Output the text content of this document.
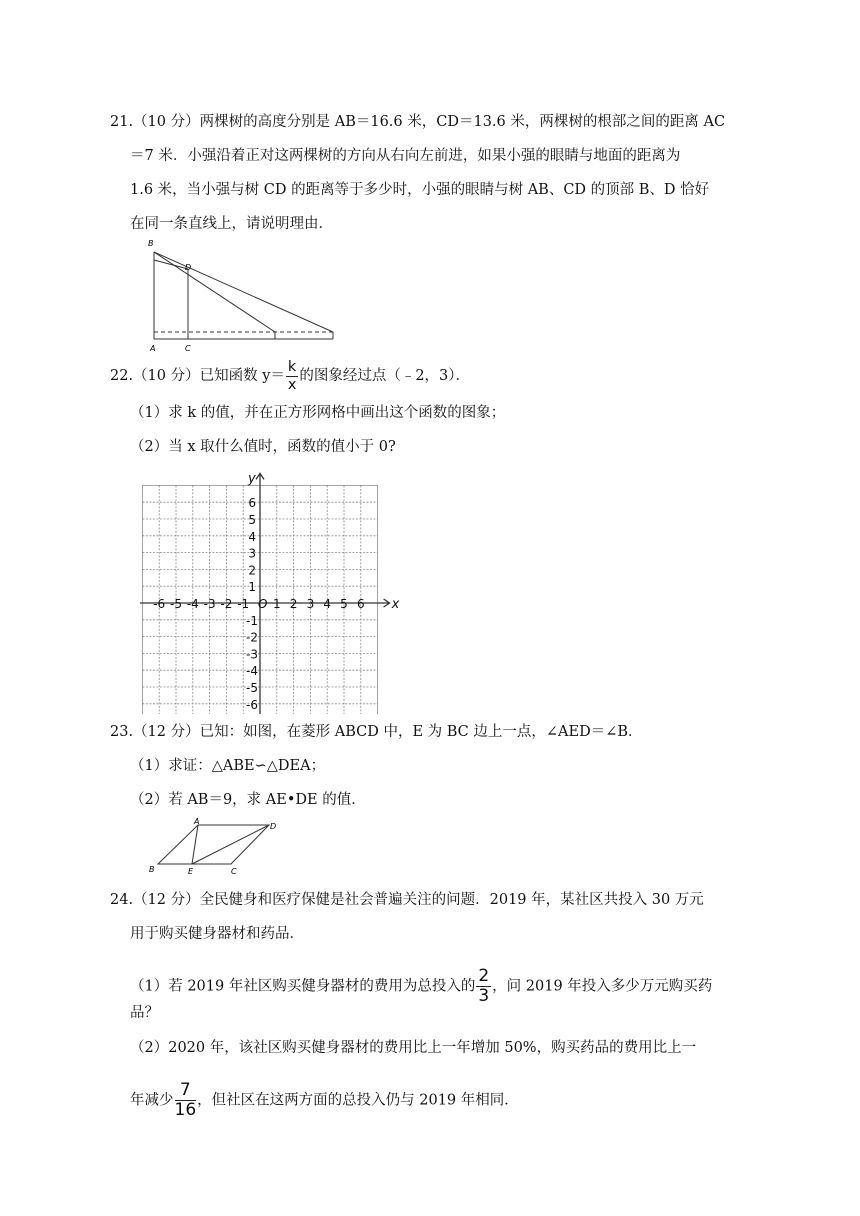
21.（10 分）两棵树的高度分别是 AB＝16.6 米，CD＝13.6 米，两棵树的根部之间的距离 AC
＝7 米．小强沿着正对这两棵树的方向从右向左前进，如果小强的眼睛与地面的距离为
1.6 米，当小强与树 CD 的距离等于多少时，小强的眼睛与树 AB、CD 的顶部 B、D 恰好
在同一条直线上，请说明理由．
B
D
A	C
22.（10 分）已知函数 $y= \frac{k}{x}$ 的图象经过点（﹣2，3）．
（1）求 k 的值，并在正方形网格中画出这个函数的图象；
（2）当 x 取什么值时，函数的值小于 0?
-6 -5 -4 -3 -2 -1 1 2 3 4 5 6
6
5
4
3
2
1
-1
-2
-3
-4
-5
-6
O	x
y
23.（12 分）已知：如图，在菱形 ABCD 中，E 为 BC 边上一点，∠AED＝∠B．
（1）求证：△ABE∽△DEA；
（2）若 AB＝9，求 AE•DE 的值．
A
D
B	E	C
24.（12 分）全民健身和医疗保健是社会普遍关注的问题．2019 年，某社区共投入 30 万元
用于购买健身器材和药品．
（1）若 2019 年社区购买健身器材的费用为总投入的 $\frac{2}{3}$ ，问 2019 年投入多少万元购买药
品？
（2）2020 年，该社区购买健身器材的费用比上一年增加 50%，购买药品的费用比上一
年减少 $\frac{7}{16}$ ，但社区在这两方面的总投入仍与 2019 年相同．
